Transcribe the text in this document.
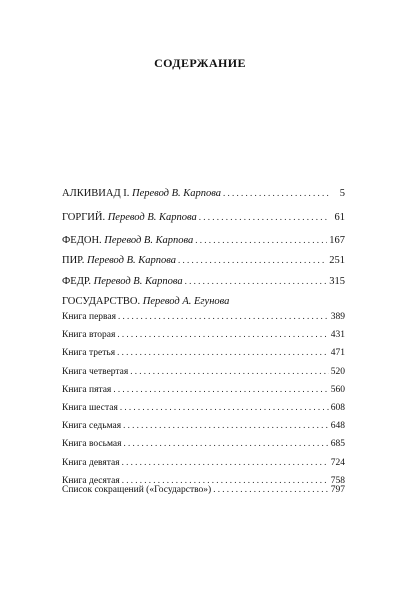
СОДЕРЖАНИЕ
АЛКИВИАД I. Перевод В. Карпова . . .	5
ГОРГИЙ. Перевод В. Карпова . . .	61
ФЕДОН. Перевод В. Карпова . . .	167
ПИР. Перевод В. Карпова . . .	251
ФЕДР. Перевод В. Карпова . . .	315
ГОСУДАРСТВО. Перевод А. Егунова
Книга первая . . .	389
Книга вторая . . .	431
Книга третья . . .	471
Книга четвертая . . .	520
Книга пятая . . .	560
Книга шестая . . .	608
Книга седьмая . . .	648
Книга восьмая . . .	685
Книга девятая . . .	724
Книга десятая . . .	758
Список сокращений («Государство») . . .	797
